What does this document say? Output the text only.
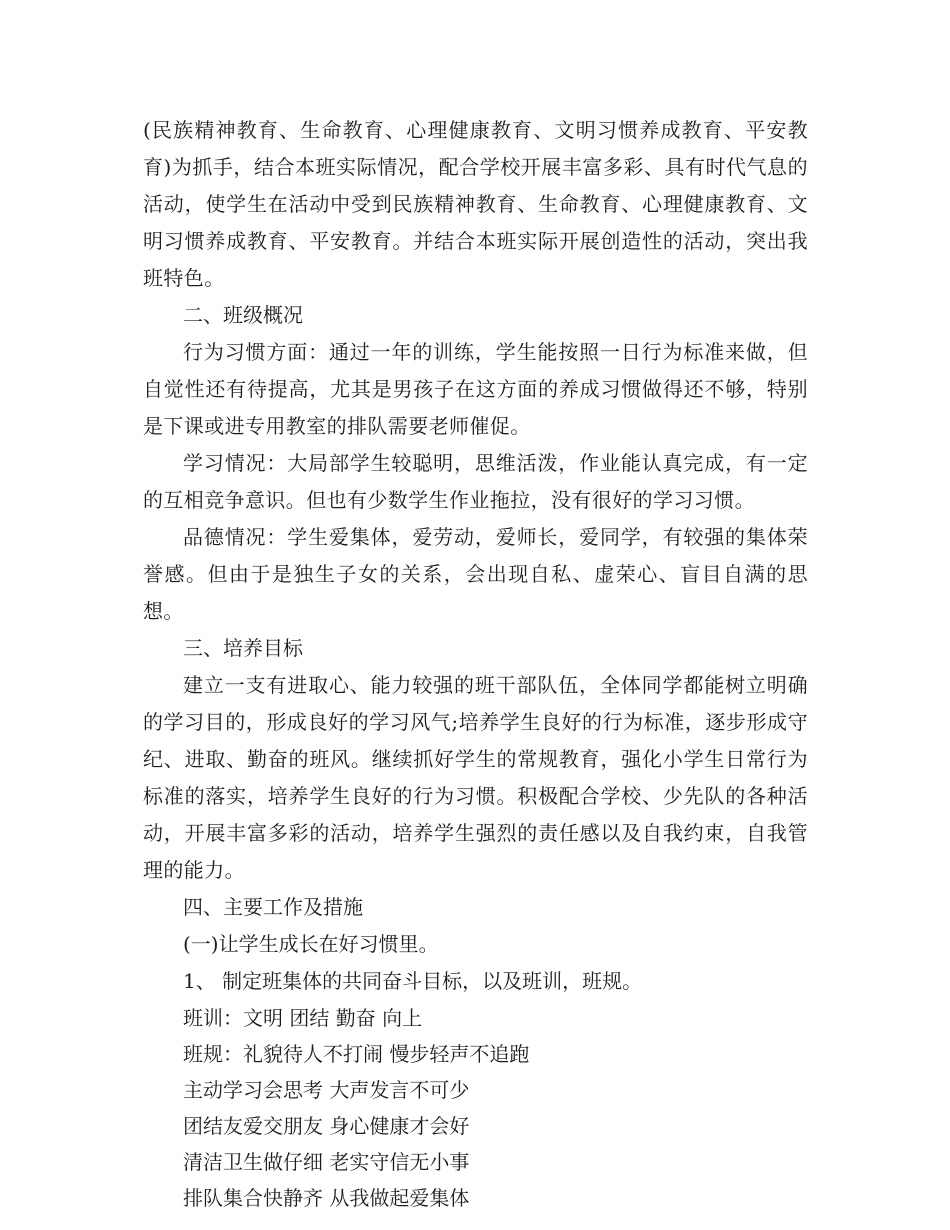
(民族精神教育、生命教育、心理健康教育、文明习惯养成教育、平安教育)为抓手，结合本班实际情况，配合学校开展丰富多彩、具有时代气息的活动，使学生在活动中受到民族精神教育、生命教育、心理健康教育、文明习惯养成教育、平安教育。并结合本班实际开展创造性的活动，突出我班特色。

二、班级概况

行为习惯方面：通过一年的训练，学生能按照一日行为标准来做，但自觉性还有待提高，尤其是男孩子在这方面的养成习惯做得还不够，特别是下课或进专用教室的排队需要老师催促。

学习情况：大局部学生较聪明，思维活泼，作业能认真完成，有一定的互相竞争意识。但也有少数学生作业拖拉，没有很好的学习习惯。

品德情况：学生爱集体，爱劳动，爱师长，爱同学，有较强的集体荣誉感。但由于是独生子女的关系，会出现自私、虚荣心、盲目自满的思想。

三、培养目标

建立一支有进取心、能力较强的班干部队伍，全体同学都能树立明确的学习目的，形成良好的学习风气;培养学生良好的行为标准，逐步形成守纪、进取、勤奋的班风。继续抓好学生的常规教育，强化小学生日常行为标准的落实，培养学生良好的行为习惯。积极配合学校、少先队的各种活动，开展丰富多彩的活动，培养学生强烈的责任感以及自我约束，自我管理的能力。

四、主要工作及措施

(一)让学生成长在好习惯里。

1、 制定班集体的共同奋斗目标，以及班训，班规。

班训：文明 团结 勤奋 向上

班规：礼貌待人不打闹 慢步轻声不追跑

主动学习会思考 大声发言不可少

团结友爱交朋友 身心健康才会好

清洁卫生做仔细 老实守信无小事

排队集合快静齐 从我做起爱集体
